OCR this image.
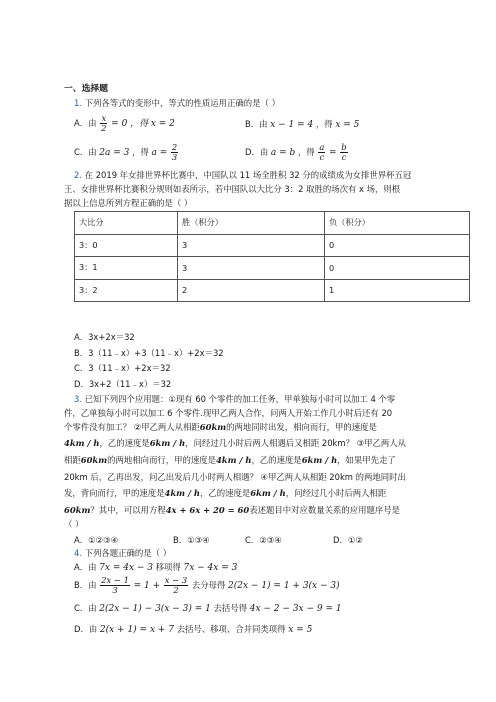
一、选择题
1. 下列各等式的变形中，等式的性质运用正确的是（ ）
A．由 $\frac{x}{2} = 0$ ，得 x = 2	B．由 x − 1 = 4 ，得 x = 5
C．由 2a = 3 ，得 $a = \frac{2}{3}$	D．由 a = b ，得 $\frac{a}{c} = \frac{b}{c}$
2. 在 2019 年女排世界杯比赛中，中国队以 11 场全胜积 32 分的成绩成为女排世界杯五冠
王、女排世界杯比赛积分规则如表所示，若中国队以大比分 3：2 取胜的场次有 x 场，则根
据以上信息所列方程正确的是（ ）
大比分	胜（积分）	负（积分）
3：0	3	0
3：1	3	0
3：2	2	1
A．3x+2x＝32
B．3（11﹣x）+3（11﹣x）+2x＝32
C．3（11﹣x）+2x＝32
D．3x+2（11﹣x）＝32
3. 已知下列四个应用题：①现有 60 个零件的加工任务，甲单独每小时可以加工 4 个零
件，乙单独每小时可以加工 6 个零件.现甲乙两人合作，问两人开始工作几小时后还有 20
个零件没有加工？ ②甲乙两人从相距60km的两地同时出发，相向而行，甲的速度是
4km / h，乙的速度是6km / h，问经过几小时后两人相遇后又相距 20km？ ③甲乙两人从
相距60km的两地相向而行，甲的速度是4km / h，乙的速度是6km / h，如果甲先走了
20km 后，乙再出发，问乙出发后几小时两人相遇？ ④甲乙两人从相距 20km 的两地同时出
发，背向而行，甲的速度是4km / h，乙的速度是6km / h，问经过几小时后两人相距
60km？其中，可以用方程4x + 6x + 20 = 60表述题目中对应数量关系的应用题序号是
（ ）
A．①②③④	B．①③④	C．②③④	D．①②
4. 下列各题正确的是（ ）
A．由 7x = 4x − 3 移项得 7x − 4x = 3
B．由 $\frac{2x - 1}{3} = 1 + \frac{x - 3}{2}$ 去分母得 2(2x − 1) = 1 + 3(x − 3)
C．由 2(2x − 1) − 3(x − 3) = 1 去括号得 4x − 2 − 3x − 9 = 1
D．由 2(x + 1) = x + 7 去括号、移项、合并同类项得 x = 5
